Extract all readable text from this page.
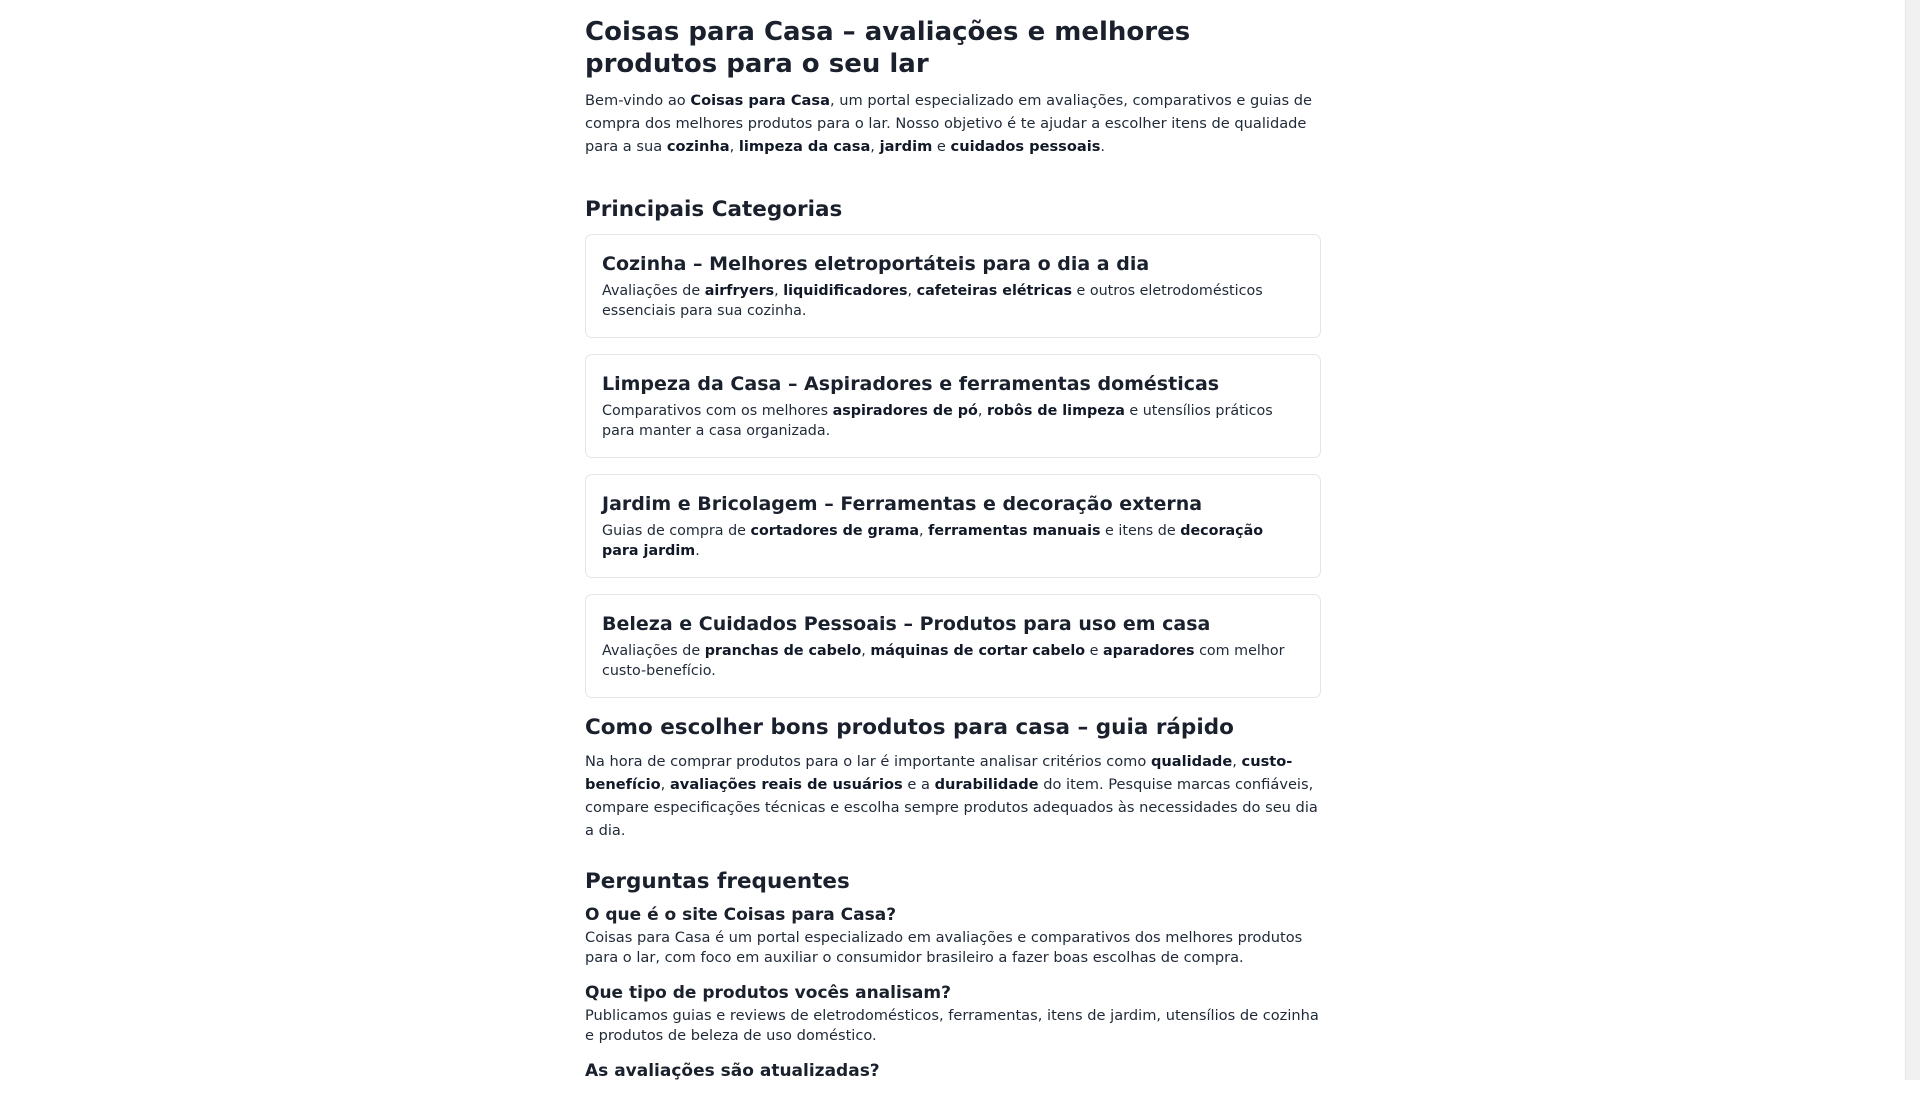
Coisas para Casa – avaliações e melhores produtos para o seu lar

Bem-vindo ao Coisas para Casa, um portal especializado em avaliações, comparativos e guias de compra dos melhores produtos para o lar. Nosso objetivo é te ajudar a escolher itens de qualidade para a sua cozinha, limpeza da casa, jardim e cuidados pessoais.

Principais Categorias
Cozinha – Melhores eletroportáteis para o dia a dia

Avaliações de airfryers, liquidificadores, cafeteiras elétricas e outros eletrodomésticos essenciais para sua cozinha.

Limpeza da Casa – Aspiradores e ferramentas domésticas

Comparativos com os melhores aspiradores de pó, robôs de limpeza e utensílios práticos para manter a casa organizada.

Jardim e Bricolagem – Ferramentas e decoração externa

Guias de compra de cortadores de grama, ferramentas manuais e itens de decoração para jardim.

Beleza e Cuidados Pessoais – Produtos para uso em casa

Avaliações de pranchas de cabelo, máquinas de cortar cabelo e aparadores com melhor custo-benefício.

Como escolher bons produtos para casa – guia rápido

Na hora de comprar produtos para o lar é importante analisar critérios como qualidade, custo-benefício, avaliações reais de usuários e a durabilidade do item. Pesquise marcas confiáveis, compare especificações técnicas e escolha sempre produtos adequados às necessidades do seu dia a dia.

Perguntas frequentes
O que é o site Coisas para Casa?

Coisas para Casa é um portal especializado em avaliações e comparativos dos melhores produtos para o lar, com foco em auxiliar o consumidor brasileiro a fazer boas escolhas de compra.

Que tipo de produtos vocês analisam?

Publicamos guias e reviews de eletrodomésticos, ferramentas, itens de jardim, utensílios de cozinha e produtos de beleza de uso doméstico.

As avaliações são atualizadas?
